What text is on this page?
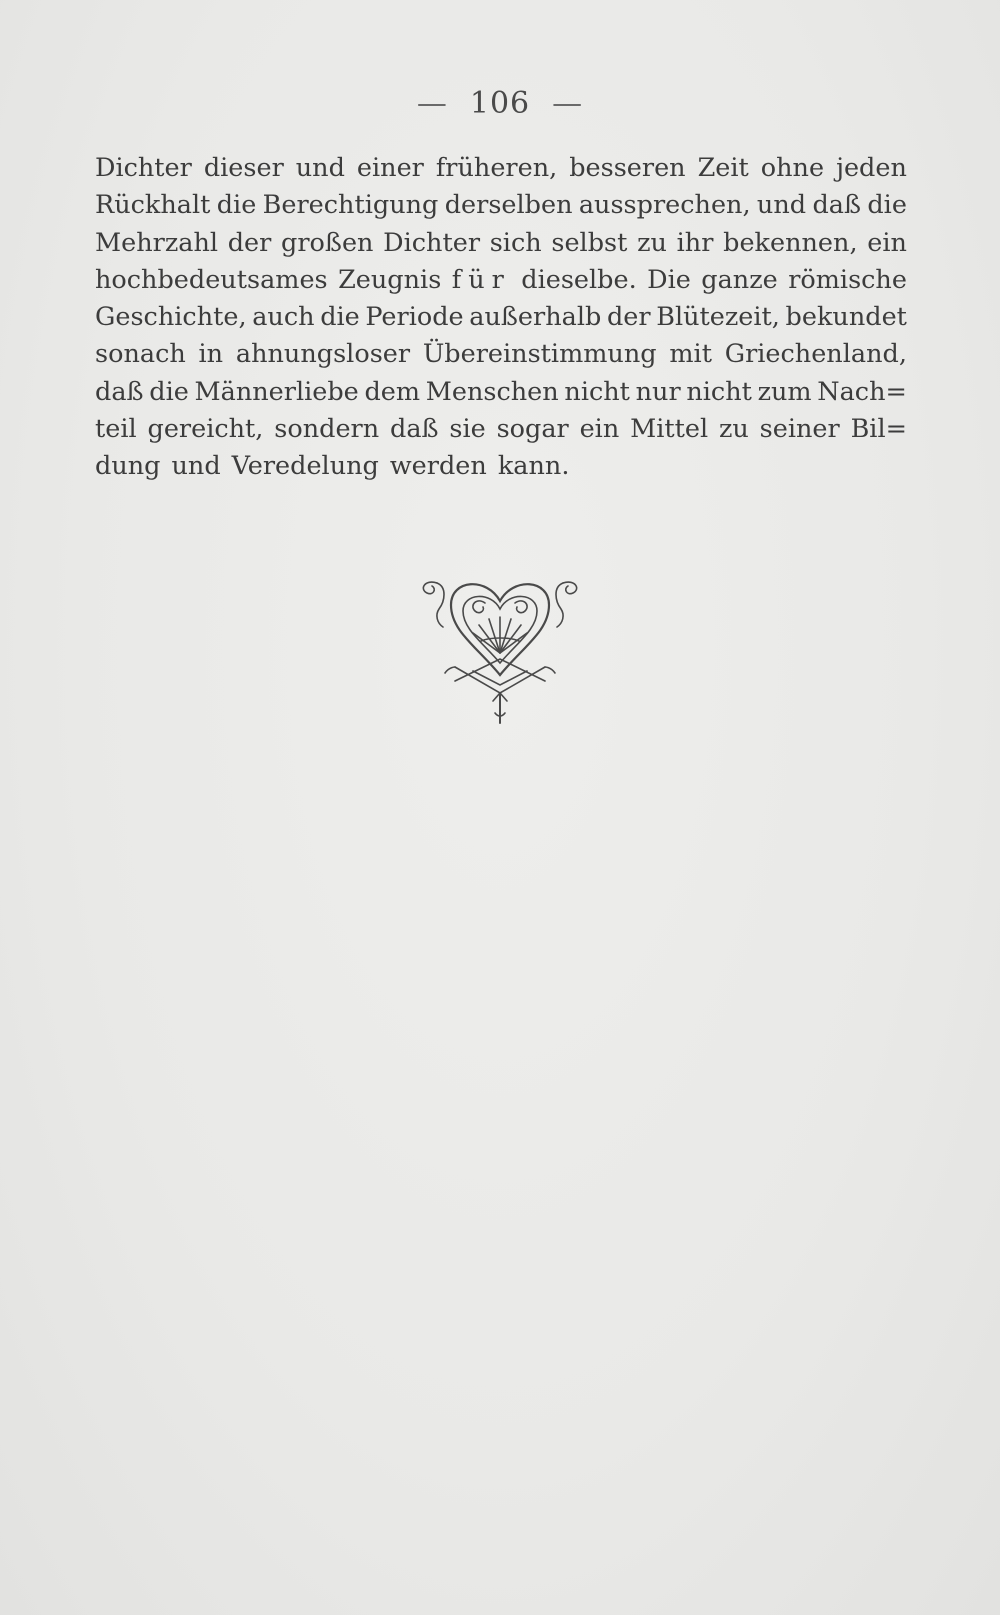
— 106 —
Dichter dieser und einer früheren, besseren Zeit ohne jeden
Rückhalt die Berechtigung derselben aussprechen, und daß die
Mehrzahl der großen Dichter sich selbst zu ihr bekennen, ein
hochbedeutsames Zeugnis für dieselbe. Die ganze römische
Geschichte, auch die Periode außerhalb der Blütezeit, bekundet
sonach in ahnungsloser Übereinstimmung mit Griechenland,
daß die Männerliebe dem Menschen nicht nur nicht zum Nach=
teil gereicht, sondern daß sie sogar ein Mittel zu seiner Bil=
dung und Veredelung werden kann.
